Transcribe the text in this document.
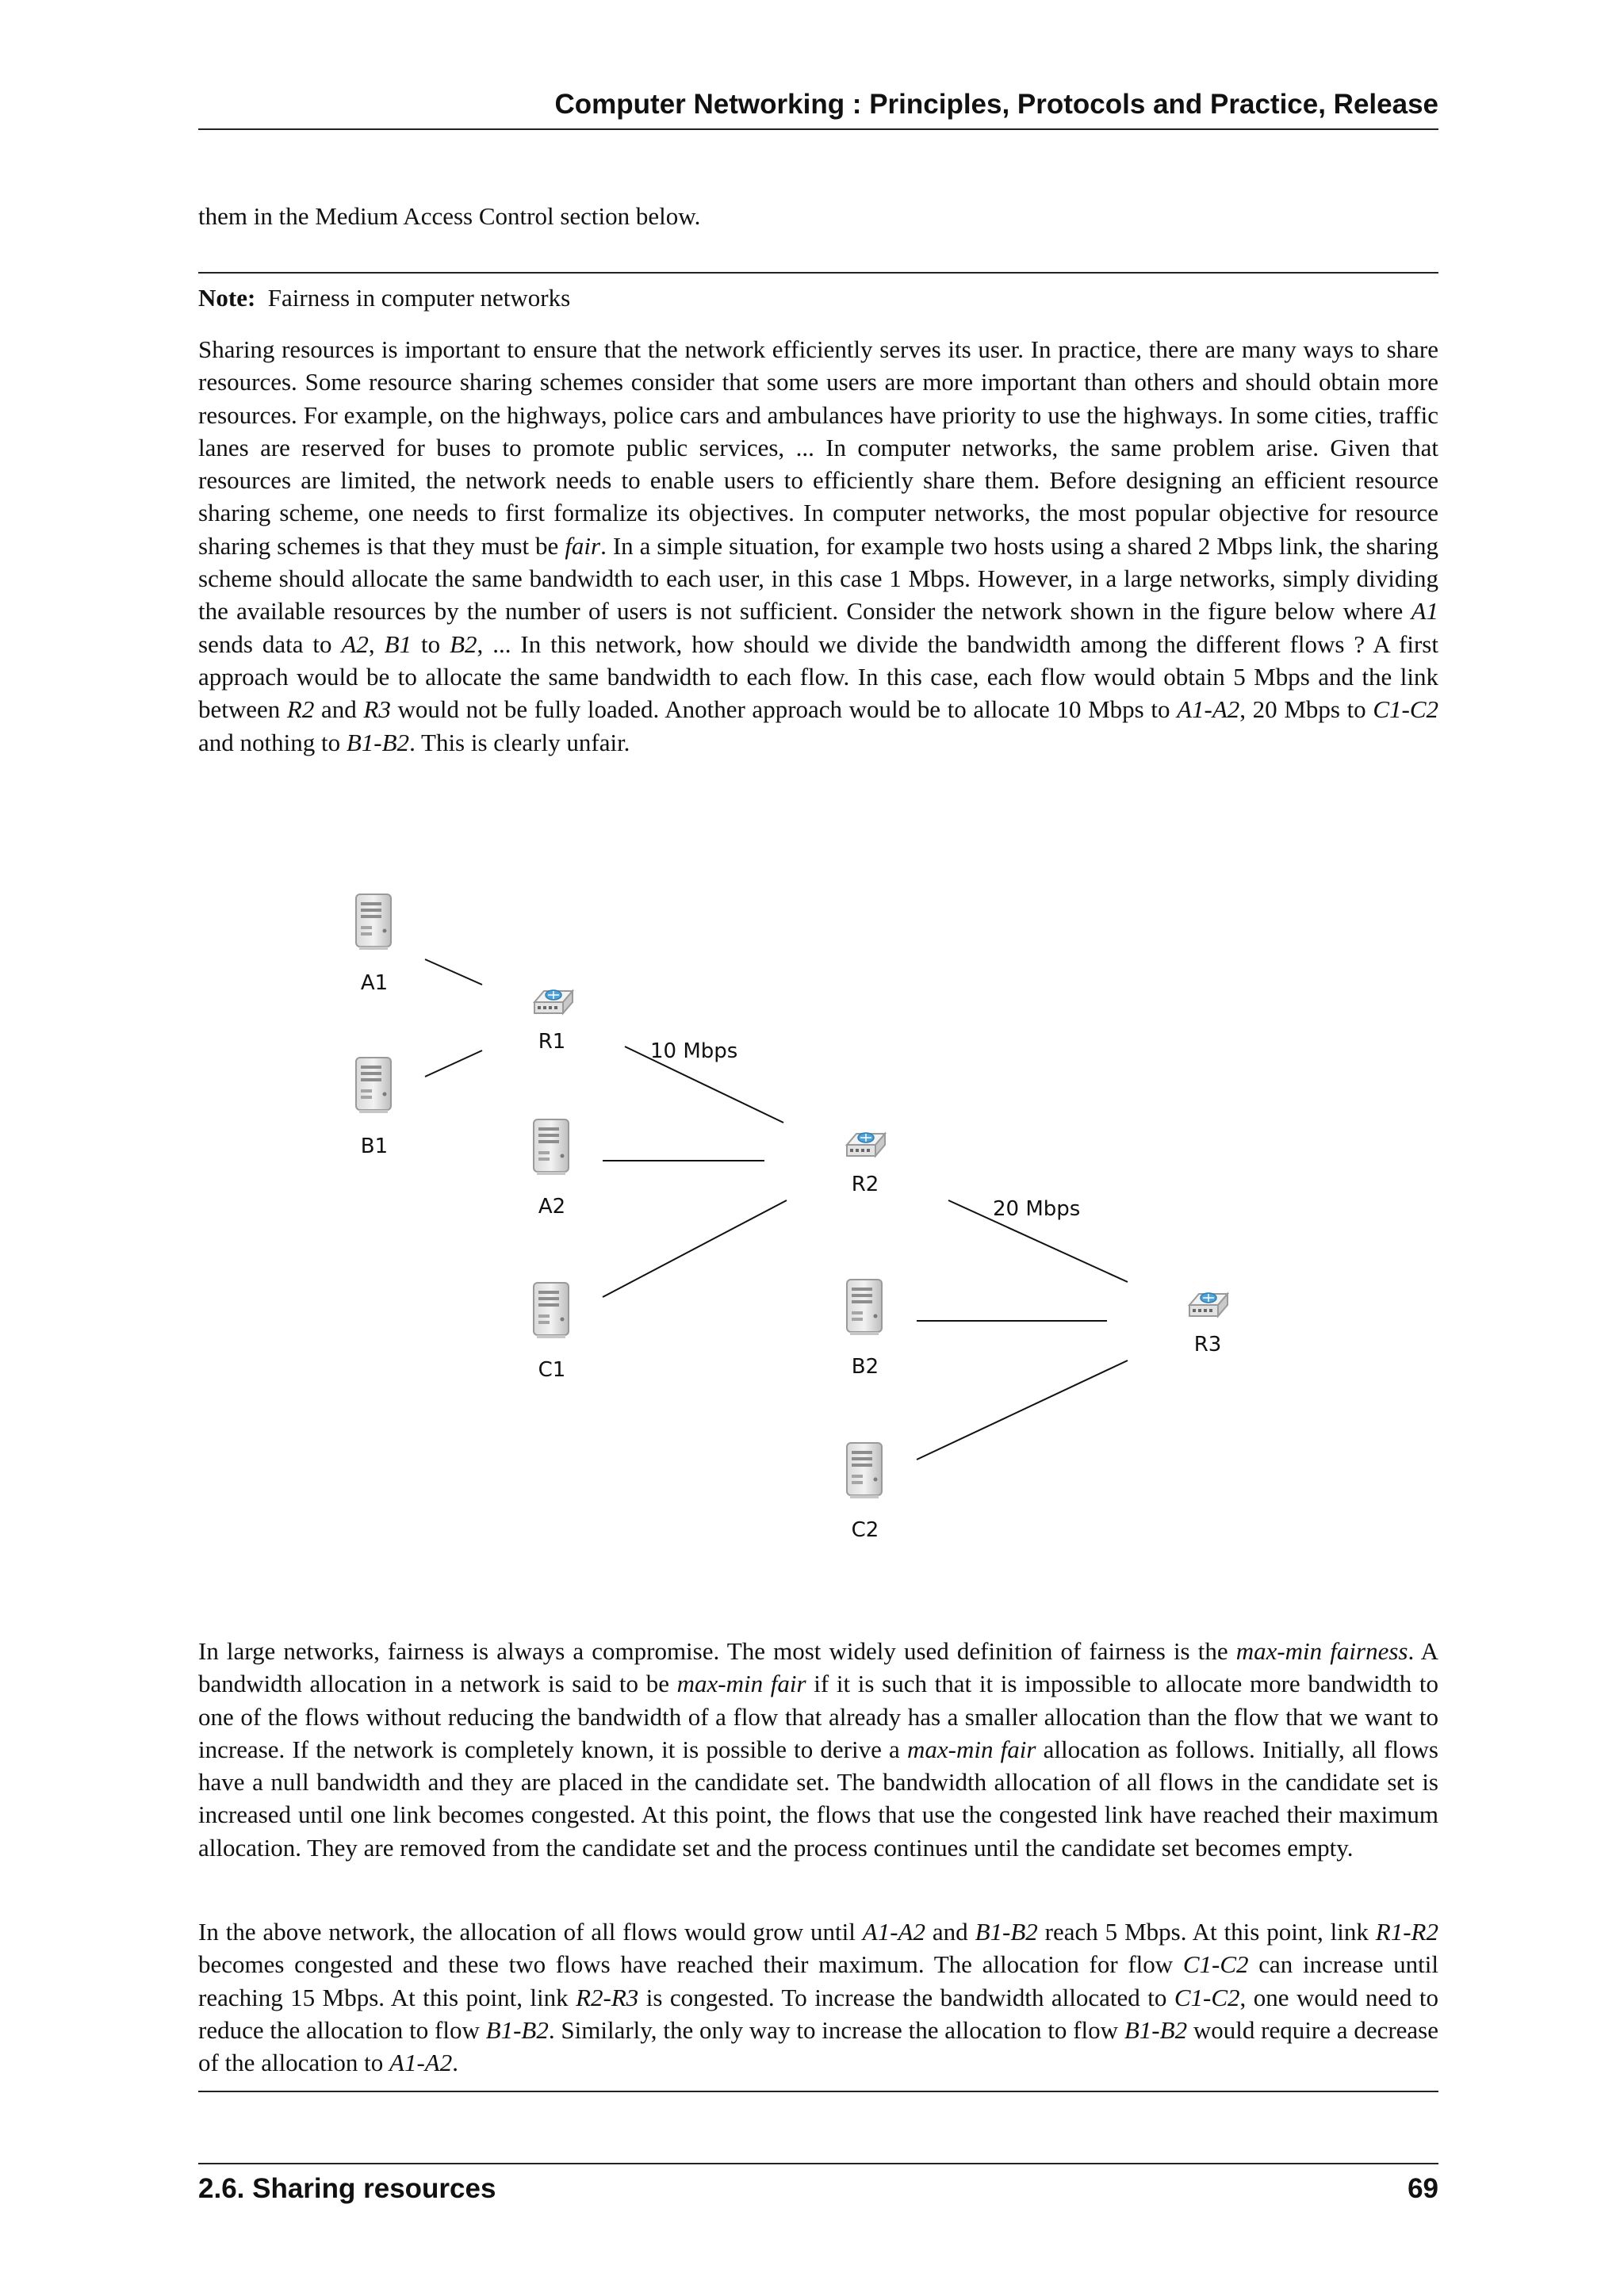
Computer Networking : Principles, Protocols and Practice, Release

them in the Medium Access Control section below.

Note: Fairness in computer networks

Sharing resources is important to ensure that the network efficiently serves its user. In practice, there are many ways to share resources. Some resource sharing schemes consider that some users are more important than others and should obtain more resources. For example, on the highways, police cars and ambulances have priority to use the highways. In some cities, traffic lanes are reserved for buses to promote public services, ... In computer networks, the same problem arise. Given that resources are limited, the network needs to enable users to efficiently share them. Before designing an efficient resource sharing scheme, one needs to first formalize its objectives. In computer networks, the most popular objective for resource sharing schemes is that they must be fair. In a simple situation, for example two hosts using a shared 2 Mbps link, the sharing scheme should allocate the same bandwidth to each user, in this case 1 Mbps. However, in a large networks, simply dividing the available resources by the number of users is not sufficient. Consider the network shown in the figure below where A1 sends data to A2, B1 to B2, ... In this network, how should we divide the bandwidth among the different flows ? A first approach would be to allocate the same bandwidth to each flow. In this case, each flow would obtain 5 Mbps and the link between R2 and R3 would not be fully loaded. Another approach would be to allocate 10 Mbps to A1-A2, 20 Mbps to C1-C2 and nothing to B1-B2. This is clearly unfair.

10 Mbps
20 Mbps
A1
B1
A2
C1	B2
C2
R1
R2
R3

In large networks, fairness is always a compromise. The most widely used definition of fairness is the max-min fairness. A bandwidth allocation in a network is said to be max-min fair if it is such that it is impossible to allocate more bandwidth to one of the flows without reducing the bandwidth of a flow that already has a smaller allocation than the flow that we want to increase. If the network is completely known, it is possible to derive a max-min fair allocation as follows. Initially, all flows have a null bandwidth and they are placed in the candidate set. The bandwidth allocation of all flows in the candidate set is increased until one link becomes congested. At this point, the flows that use the congested link have reached their maximum allocation. They are removed from the candidate set and the process continues until the candidate set becomes empty.

In the above network, the allocation of all flows would grow until A1-A2 and B1-B2 reach 5 Mbps. At this point, link R1-R2 becomes congested and these two flows have reached their maximum. The allocation for flow C1-C2 can increase until reaching 15 Mbps. At this point, link R2-R3 is congested. To increase the bandwidth allocated to C1-C2, one would need to reduce the allocation to flow B1-B2. Similarly, the only way to increase the allocation to flow B1-B2 would require a decrease of the allocation to A1-A2.

2.6. Sharing resources	69
